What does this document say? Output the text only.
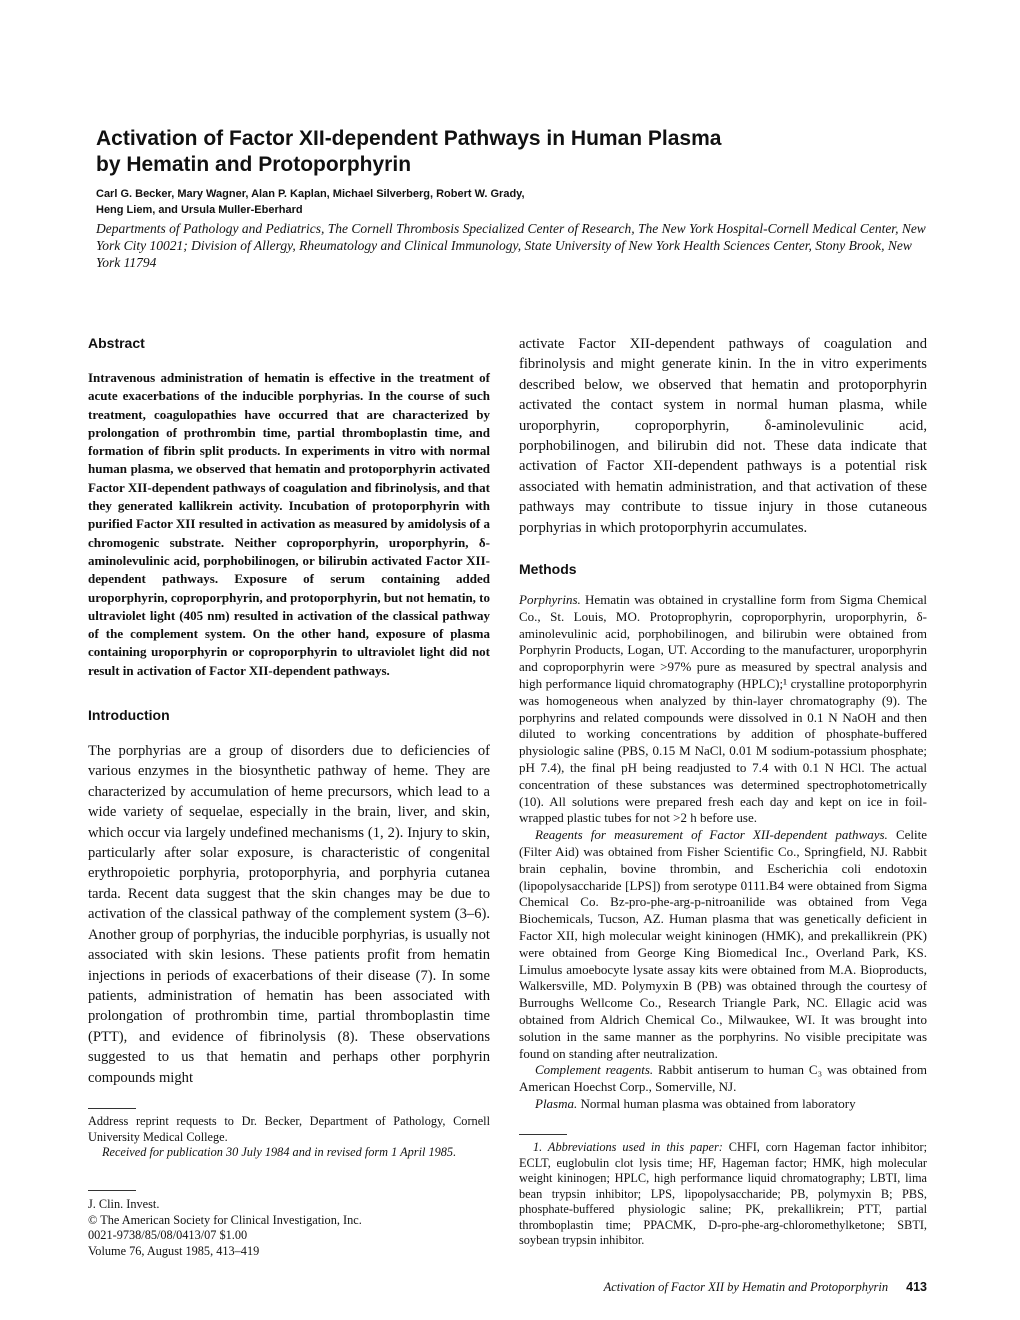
Activation of Factor XII-dependent Pathways in Human Plasma
by Hematin and Protoporphyrin

Carl G. Becker, Mary Wagner, Alan P. Kaplan, Michael Silverberg, Robert W. Grady,
Heng Liem, and Ursula Muller-Eberhard

Departments of Pathology and Pediatrics, The Cornell Thrombosis Specialized Center of Research, The New York Hospital-Cornell Medical Center, New York City 10021; Division of Allergy, Rheumatology and Clinical Immunology, State University of New York Health Sciences Center, Stony Brook, New York 11794

Abstract

Intravenous administration of hematin is effective in the treatment of acute exacerbations of the inducible porphyrias. In the course of such treatment, coagulopathies have occurred that are characterized by prolongation of prothrombin time, partial thromboplastin time, and formation of fibrin split products. In experiments in vitro with normal human plasma, we observed that hematin and protoporphyrin activated Factor XII-dependent pathways of coagulation and fibrinolysis, and that they generated kallikrein activity. Incubation of protoporphyrin with purified Factor XII resulted in activation as measured by amidolysis of a chromogenic substrate. Neither coproporphyrin, uroporphyrin, δ-aminolevulinic acid, porphobilinogen, or bilirubin activated Factor XII-dependent pathways. Exposure of serum containing added uroporphyrin, coproporphyrin, and protoporphyrin, but not hematin, to ultraviolet light (405 nm) resulted in activation of the classical pathway of the complement system. On the other hand, exposure of plasma containing uroporphyrin or coproporphyrin to ultraviolet light did not result in activation of Factor XII-dependent pathways.

Introduction

The porphyrias are a group of disorders due to deficiencies of various enzymes in the biosynthetic pathway of heme. They are characterized by accumulation of heme precursors, which lead to a wide variety of sequelae, especially in the brain, liver, and skin, which occur via largely undefined mechanisms (1, 2). Injury to skin, particularly after solar exposure, is characteristic of congenital erythropoietic porphyria, protoporphyria, and porphyria cutanea tarda. Recent data suggest that the skin changes may be due to activation of the classical pathway of the complement system (3–6). Another group of porphyrias, the inducible porphyrias, is usually not associated with skin lesions. These patients profit from hematin injections in periods of exacerbations of their disease (7). In some patients, administration of hematin has been associated with prolongation of prothrombin time, partial thromboplastin time (PTT), and evidence of fibrinolysis (8). These observations suggested to us that hematin and perhaps other porphyrin compounds might

Address reprint requests to Dr. Becker, Department of Pathology, Cornell University Medical College.

Received for publication 30 July 1984 and in revised form 1 April 1985.

J. Clin. Invest.

© The American Society for Clinical Investigation, Inc.

0021-9738/85/08/0413/07 $1.00

Volume 76, August 1985, 413–419

activate Factor XII-dependent pathways of coagulation and fibrinolysis and might generate kinin. In the in vitro experiments described below, we observed that hematin and protoporphyrin activated the contact system in normal human plasma, while uroporphyrin, coproporphyrin, δ-aminolevulinic acid, porphobilinogen, and bilirubin did not. These data indicate that activation of Factor XII-dependent pathways is a potential risk associated with hematin administration, and that activation of these pathways may contribute to tissue injury in those cutaneous porphyrias in which protoporphyrin accumulates.

Methods

Porphyrins. Hematin was obtained in crystalline form from Sigma Chemical Co., St. Louis, MO. Protoprophyrin, coproporphyrin, uroporphyrin, δ-aminolevulinic acid, porphobilinogen, and bilirubin were obtained from Porphyrin Products, Logan, UT. According to the manufacturer, uroporphyrin and coproporphyrin were >97% pure as measured by spectral analysis and high performance liquid chromatography (HPLC);¹ crystalline protoporphyrin was homogeneous when analyzed by thin-layer chromatography (9). The porphyrins and related compounds were dissolved in 0.1 N NaOH and then diluted to working concentrations by addition of phosphate-buffered physiologic saline (PBS, 0.15 M NaCl, 0.01 M sodium-potassium phosphate; pH 7.4), the final pH being readjusted to 7.4 with 0.1 N HCl. The actual concentration of these substances was determined spectrophotometrically (10). All solutions were prepared fresh each day and kept on ice in foil-wrapped plastic tubes for not >2 h before use.

Reagents for measurement of Factor XII-dependent pathways. Celite (Filter Aid) was obtained from Fisher Scientific Co., Springfield, NJ. Rabbit brain cephalin, bovine thrombin, and Escherichia coli endotoxin (lipopolysaccharide [LPS]) from serotype 0111.B4 were obtained from Sigma Chemical Co. Bz-pro-phe-arg-p-nitroanilide was obtained from Vega Biochemicals, Tucson, AZ. Human plasma that was genetically deficient in Factor XII, high molecular weight kininogen (HMK), and prekallikrein (PK) were obtained from George King Biomedical Inc., Overland Park, KS. Limulus amoebocyte lysate assay kits were obtained from M.A. Bioproducts, Walkersville, MD. Polymyxin B (PB) was obtained through the courtesy of Burroughs Wellcome Co., Research Triangle Park, NC. Ellagic acid was obtained from Aldrich Chemical Co., Milwaukee, WI. It was brought into solution in the same manner as the porphyrins. No visible precipitate was found on standing after neutralization.

Complement reagents. Rabbit antiserum to human C₃ was obtained from American Hoechst Corp., Somerville, NJ.

Plasma. Normal human plasma was obtained from laboratory

1. Abbreviations used in this paper: CHFI, corn Hageman factor inhibitor; ECLT, euglobulin clot lysis time; HF, Hageman factor; HMK, high molecular weight kininogen; HPLC, high performance liquid chromatography; LBTI, lima bean trypsin inhibitor; LPS, lipopolysaccharide; PB, polymyxin B; PBS, phosphate-buffered physiologic saline; PK, prekallikrein; PTT, partial thromboplastin time; PPACMK, D-pro-phe-arg-chloromethylketone; SBTI, soybean trypsin inhibitor.

Activation of Factor XII by Hematin and Protoporphyrin 413
